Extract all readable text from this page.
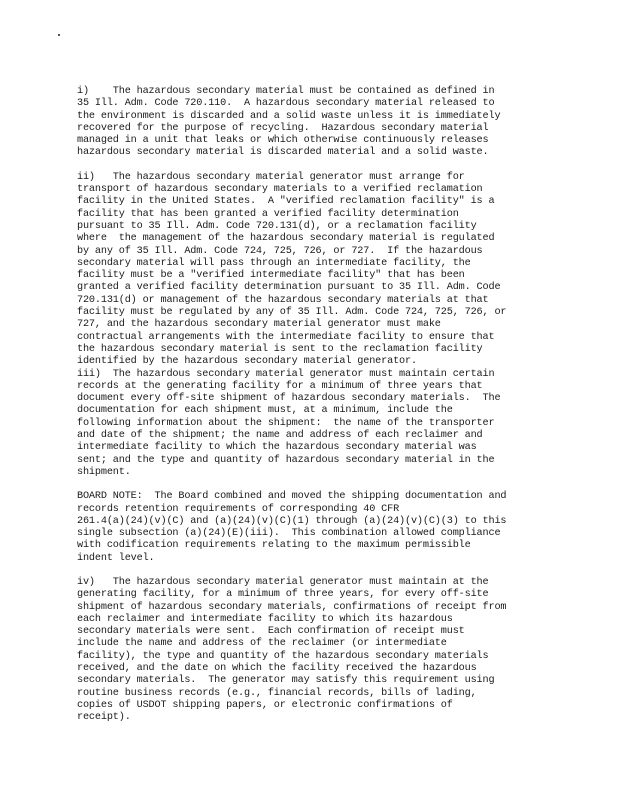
i)    The hazardous secondary material must be contained as defined in
35 Ill. Adm. Code 720.110.  A hazardous secondary material released to
the environment is discarded and a solid waste unless it is immediately
recovered for the purpose of recycling.  Hazardous secondary material
managed in a unit that leaks or which otherwise continuously releases
hazardous secondary material is discarded material and a solid waste.
ii)   The hazardous secondary material generator must arrange for
transport of hazardous secondary materials to a verified reclamation
facility in the United States.  A "verified reclamation facility" is a
facility that has been granted a verified facility determination
pursuant to 35 Ill. Adm. Code 720.131(d), or a reclamation facility
where  the management of the hazardous secondary material is regulated
by any of 35 Ill. Adm. Code 724, 725, 726, or 727.  If the hazardous
secondary material will pass through an intermediate facility, the
facility must be a "verified intermediate facility" that has been
granted a verified facility determination pursuant to 35 Ill. Adm. Code
720.131(d) or management of the hazardous secondary materials at that
facility must be regulated by any of 35 Ill. Adm. Code 724, 725, 726, or
727, and the hazardous secondary material generator must make
contractual arrangements with the intermediate facility to ensure that
the hazardous secondary material is sent to the reclamation facility
identified by the hazardous secondary material generator.
iii)  The hazardous secondary material generator must maintain certain
records at the generating facility for a minimum of three years that
document every off-site shipment of hazardous secondary materials.  The
documentation for each shipment must, at a minimum, include the
following information about the shipment:  the name of the transporter
and date of the shipment; the name and address of each reclaimer and
intermediate facility to which the hazardous secondary material was
sent; and the type and quantity of hazardous secondary material in the
shipment.
BOARD NOTE:  The Board combined and moved the shipping documentation and
records retention requirements of corresponding 40 CFR
261.4(a)(24)(v)(C) and (a)(24)(v)(C)(1) through (a)(24)(v)(C)(3) to this
single subsection (a)(24)(E)(iii).  This combination allowed compliance
with codification requirements relating to the maximum permissible
indent level.
iv)   The hazardous secondary material generator must maintain at the
generating facility, for a minimum of three years, for every off-site
shipment of hazardous secondary materials, confirmations of receipt from
each reclaimer and intermediate facility to which its hazardous
secondary materials were sent.  Each confirmation of receipt must
include the name and address of the reclaimer (or intermediate
facility), the type and quantity of the hazardous secondary materials
received, and the date on which the facility received the hazardous
secondary materials.  The generator may satisfy this requirement using
routine business records (e.g., financial records, bills of lading,
copies of USDOT shipping papers, or electronic confirmations of
receipt).
